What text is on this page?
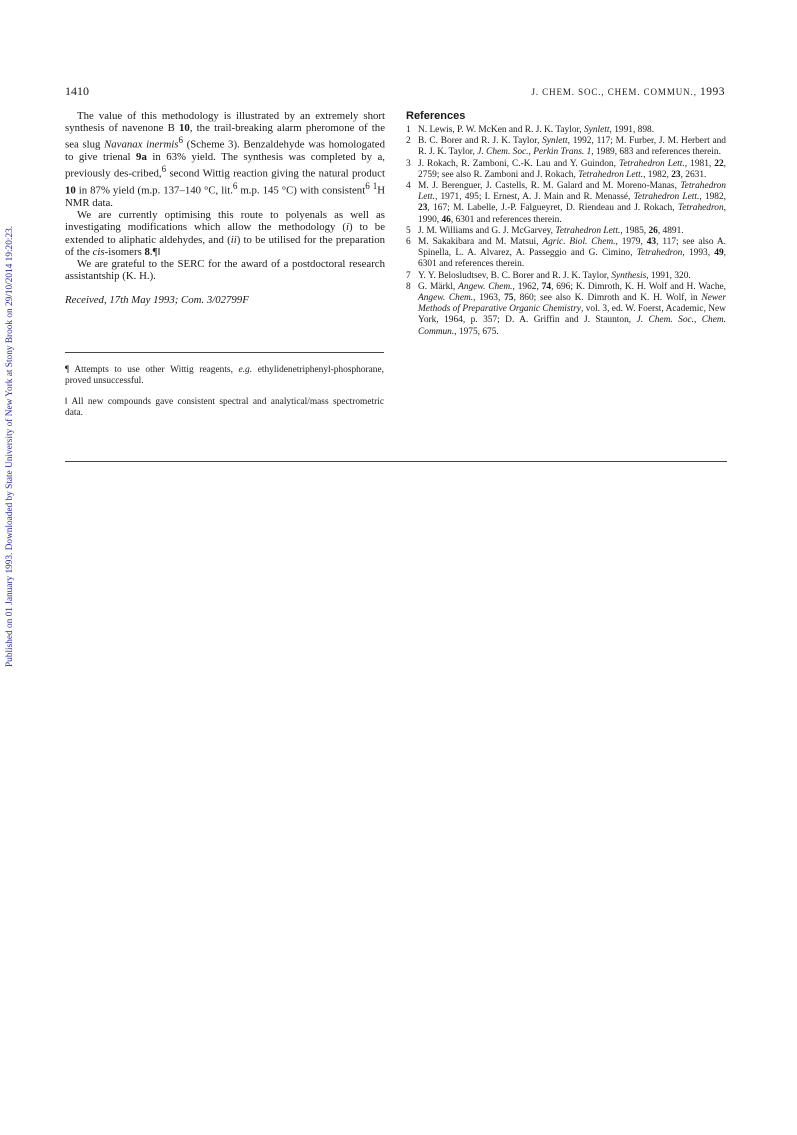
Published on 01 January 1993. Downloaded by State University of New York at Stony Brook on 29/10/2014 19:20:23.
1410	J. CHEM. SOC., CHEM. COMMUN., 1993

The value of this methodology is illustrated by an extremely short synthesis of navenone B 10, the trail-breaking alarm pheromone of the sea slug Navanax inermis$^6$ (Scheme 3). Benzaldehyde was homologated to give trienal 9a in 63% yield. The synthesis was completed by a, previously des-cribed,$^6$ second Wittig reaction giving the natural product 10 in 87% yield (m.p. 137–140 °C, lit.$^6$ m.p. 145 °C) with consistent$^6$ $^1$H NMR data.

We are currently optimising this route to polyenals as well as investigating modifications which allow the methodology (i) to be extended to aliphatic aldehydes, and (ii) to be utilised for the preparation of the cis-isomers 8.¶‖

We are grateful to the SERC for the award of a postdoctoral research assistantship (K. H.).

Received, 17th May 1993; Com. 3/02799F

¶ Attempts to use other Wittig reagents, e.g. ethylidenetriphenyl-phosphorane, proved unsuccessful.

‖ All new compounds gave consistent spectral and analytical/mass spectrometric data.

References

1 N. Lewis, P. W. McKen and R. J. K. Taylor, Synlett, 1991, 898.

2 B. C. Borer and R. J. K. Taylor, Synlett, 1992, 117; M. Furber, J. M. Herbert and R. J. K. Taylor, J. Chem. Soc., Perkin Trans. 1, 1989, 683 and references therein.

3 J. Rokach, R. Zamboni, C.-K. Lau and Y. Guindon, Tetrahedron Lett., 1981, 22, 2759; see also R. Zamboni and J. Rokach, Tetrahedron Lett., 1982, 23, 2631.

4 M. J. Berenguer, J. Castells, R. M. Galard and M. Moreno-Manas, Tetrahedron Lett., 1971, 495; I. Ernest, A. J. Main and R. Menassé, Tetrahedron Lett., 1982, 23, 167; M. Labelle, J.-P. Falgueyret, D. Riendeau and J. Rokach, Tetrahedron, 1990, 46, 6301 and references therein.

5 J. M. Williams and G. J. McGarvey, Tetrahedron Lett., 1985, 26, 4891.

6 M. Sakakibara and M. Matsui, Agric. Biol. Chem., 1979, 43, 117; see also A. Spinella, L. A. Alvarez, A. Passeggio and G. Cimino, Tetrahedron, 1993, 49, 6301 and references therein.

7 Y. Y. Belosludtsev, B. C. Borer and R. J. K. Taylor, Synthesis, 1991, 320.

8 G. Märkl, Angew. Chem., 1962, 74, 696; K. Dimroth, K. H. Wolf and H. Wache, Angew. Chem., 1963, 75, 860; see also K. Dimroth and K. H. Wolf, in Newer Methods of Preparative Organic Chemistry, vol. 3, ed. W. Foerst, Academic, New York, 1964, p. 357; D. A. Griffin and J. Staunton, J. Chem. Soc., Chem. Commun., 1975, 675.
